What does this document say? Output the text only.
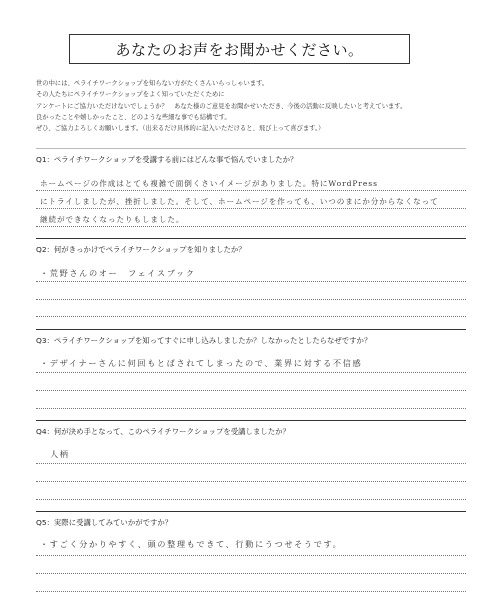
あなたのお声をお聞かせください。
世の中には、ペライチワークショップを知らない方がたくさんいらっしゃいます。
その人たちにペライチワークショップをよく知っていただくために
アンケートにご協力いただけないでしょうか？　あなた様のご意見をお聞かせいただき、今後の活動に反映したいと考えています。
良かったことや嬉しかったこと、どのような些細な事でも結構です。
ぜひ、ご協力よろしくお願いします。（出来るだけ具体的に記入いただけると、飛び上って喜びます。）
Q1：ペライチワークショップを受講する前にはどんな事で悩んでいましたか？
ホームページの作成はとても複雑で面倒くさいイメージがありました。特にWordPress
にトライしましたが、挫折しました。そして、ホームページを作っても、いつのまにか分からなくなって
継続ができなくなったりもしました。
Q2：何がきっかけでペライチワークショップを知りましたか？
・荒野さんのオー　フェイスブック
Q3：ペライチワークショップを知ってすぐに申し込みしましたか？しなかったとしたらなぜですか？
・デザイナーさんに何回もとばされてしまったので、業界に対する不信感
Q4：何が決め手となって、このペライチワークショップを受講しましたか？
人柄
Q5：実際に受講してみていかがですか？
・すごく分かりやすく、頭の整理もできて、行動にうつせそうです。
